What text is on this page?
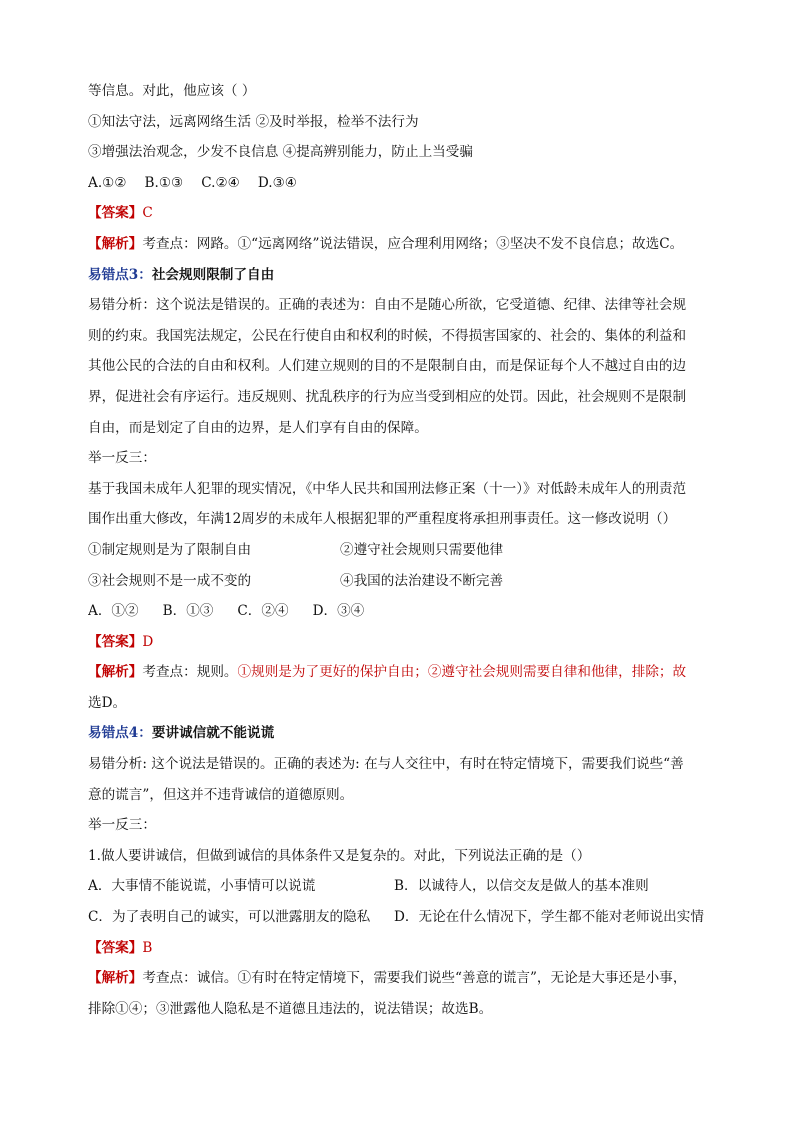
等信息。对此，他应该（ ）
①知法守法，远离网络生活 ②及时举报，检举不法行为
③增强法治观念，少发不良信息 ④提高辨别能力，防止上当受骗
A.①② B.①③ C.②④ D.③④
【答案】C
【解析】考查点：网路。①“远离网络”说法错误，应合理利用网络；③坚决不发不良信息；故选C。
易错点3：社会规则限制了自由
易错分析：这个说法是错误的。正确的表述为：自由不是随心所欲，它受道德、纪律、法律等社会规
则的约束。我国宪法规定，公民在行使自由和权利的时候，不得损害国家的、社会的、集体的利益和
其他公民的合法的自由和权利。人们建立规则的目的不是限制自由，而是保证每个人不越过自由的边
界，促进社会有序运行。违反规则、扰乱秩序的行为应当受到相应的处罚。因此，社会规则不是限制
自由，而是划定了自由的边界，是人们享有自由的保障。
举一反三：
基于我国未成年人犯罪的现实情况，《中华人民共和国刑法修正案（十一）》对低龄未成年人的刑责范
围作出重大修改，年满12周岁的未成年人根据犯罪的严重程度将承担刑事责任。这一修改说明（）
①制定规则是为了限制自由	②遵守社会规则只需要他律
③社会规则不是一成不变的	④我国的法治建设不断完善
A．①② B．①③ C．②④ D．③④
【答案】D
【解析】考查点：规则。①规则是为了更好的保护自由；②遵守社会规则需要自律和他律，排除；故
选D。
易错点4：要讲诚信就不能说谎
易错分析: 这个说法是错误的。正确的表述为: 在与人交往中，有时在特定情境下，需要我们说些“善
意的谎言”，但这并不违背诚信的道德原则。
举一反三：
1.做人要讲诚信，但做到诚信的具体条件又是复杂的。对此，下列说法正确的是（）
A．大事情不能说谎，小事情可以说谎	B．以诚待人，以信交友是做人的基本准则
C．为了表明自己的诚实，可以泄露朋友的隐私	D．无论在什么情况下，学生都不能对老师说出实情
【答案】B
【解析】考查点：诚信。①有时在特定情境下，需要我们说些“善意的谎言”，无论是大事还是小事，
排除①④；③泄露他人隐私是不道德且违法的，说法错误；故选B。
